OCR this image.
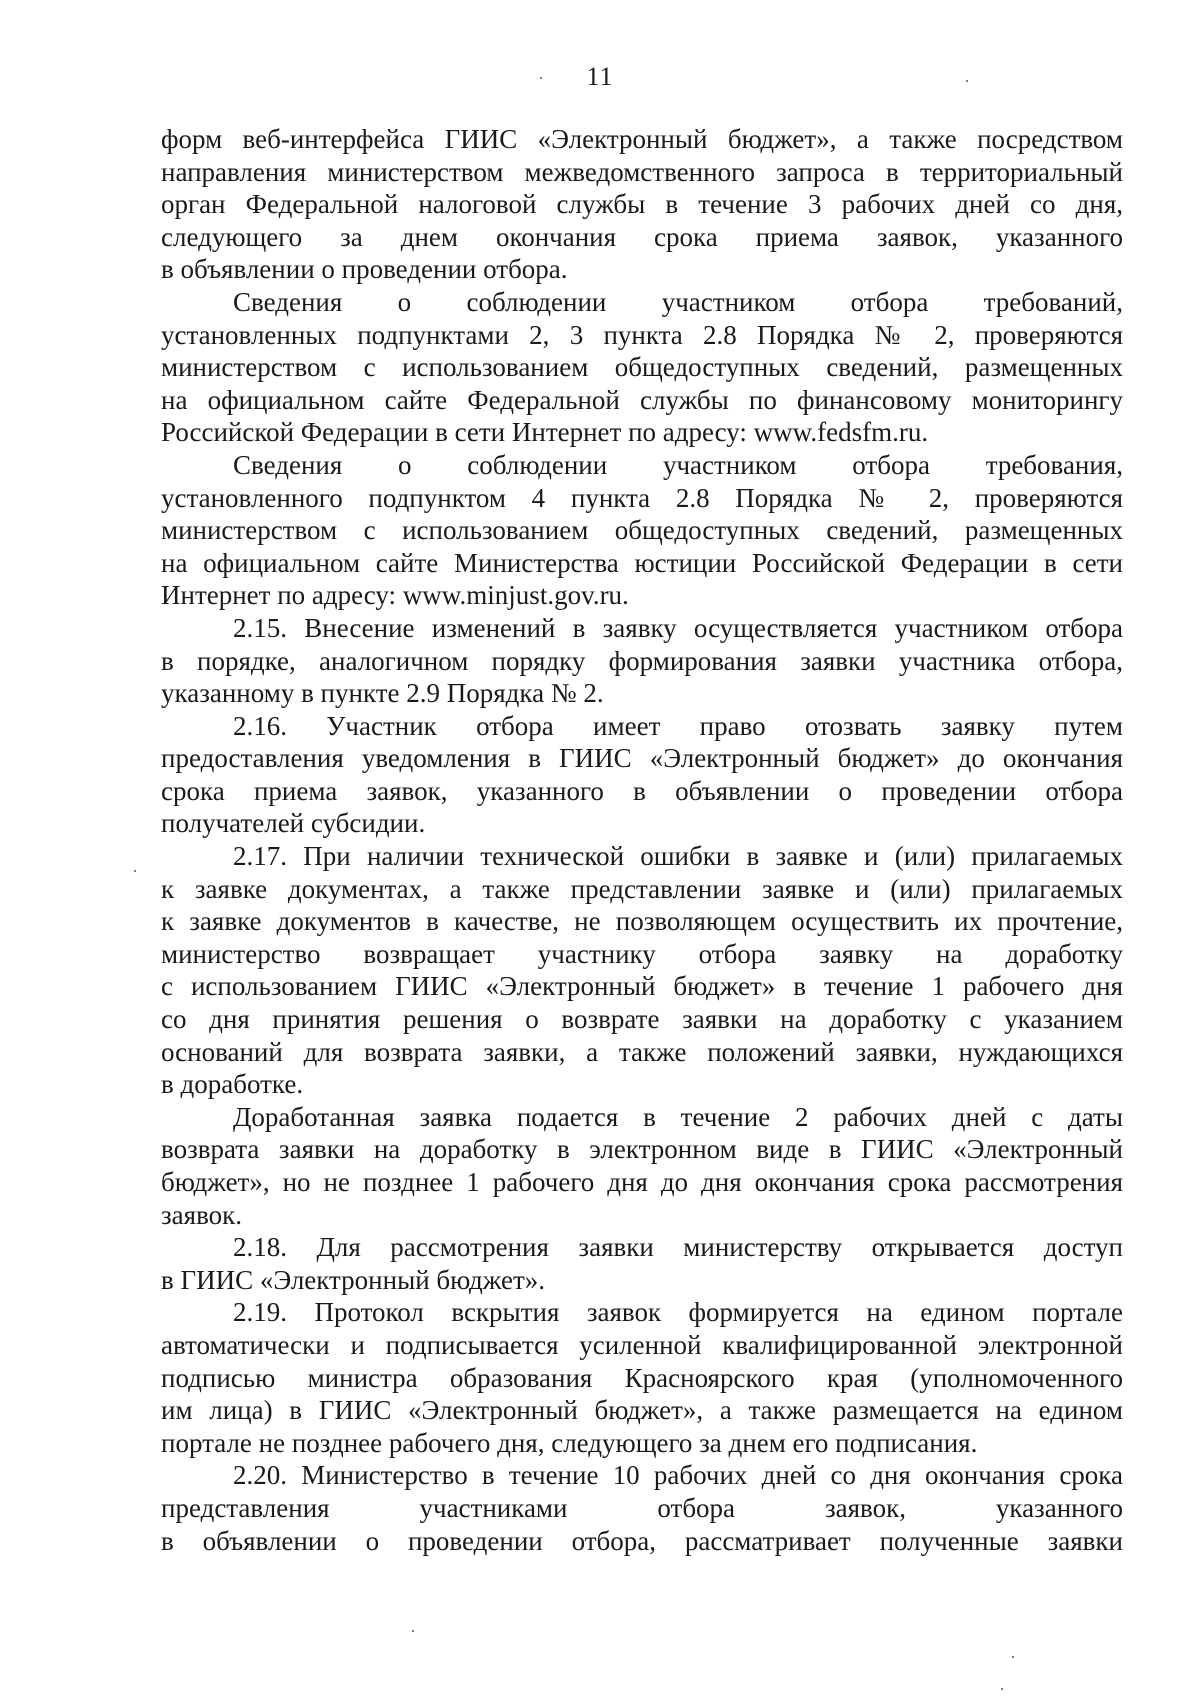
11

форм веб-интерфейса ГИИС «Электронный бюджет», а также посредством
направления министерством межведомственного запроса в территориальный
орган Федеральной налоговой службы в течение 3 рабочих дней со дня,
следующего за днем окончания срока приема заявок, указанного
в объявлении о проведении отбора.

Сведения о соблюдении участником отбора требований,
установленных подпунктами 2, 3 пункта 2.8 Порядка № 2, проверяются
министерством с использованием общедоступных сведений, размещенных
на официальном сайте Федеральной службы по финансовому мониторингу
Российской Федерации в сети Интернет по адресу: www.fedsfm.ru.

Сведения о соблюдении участником отбора требования,
установленного подпунктом 4 пункта 2.8 Порядка № 2, проверяются
министерством с использованием общедоступных сведений, размещенных
на официальном сайте Министерства юстиции Российской Федерации в сети
Интернет по адресу: www.minjust.gov.ru.

2.15. Внесение изменений в заявку осуществляется участником отбора
в порядке, аналогичном порядку формирования заявки участника отбора,
указанному в пункте 2.9 Порядка № 2.

2.16. Участник отбора имеет право отозвать заявку путем
предоставления уведомления в ГИИС «Электронный бюджет» до окончания
срока приема заявок, указанного в объявлении о проведении отбора
получателей субсидии.

2.17. При наличии технической ошибки в заявке и (или) прилагаемых
к заявке документах, а также представлении заявке и (или) прилагаемых
к заявке документов в качестве, не позволяющем осуществить их прочтение,
министерство возвращает участнику отбора заявку на доработку
с использованием ГИИС «Электронный бюджет» в течение 1 рабочего дня
со дня принятия решения о возврате заявки на доработку с указанием
оснований для возврата заявки, а также положений заявки, нуждающихся
в доработке.

Доработанная заявка подается в течение 2 рабочих дней с даты
возврата заявки на доработку в электронном виде в ГИИС «Электронный
бюджет», но не позднее 1 рабочего дня до дня окончания срока рассмотрения
заявок.

2.18. Для рассмотрения заявки министерству открывается доступ
в ГИИС «Электронный бюджет».

2.19. Протокол вскрытия заявок формируется на едином портале
автоматически и подписывается усиленной квалифицированной электронной
подписью министра образования Красноярского края (уполномоченного
им лица) в ГИИС «Электронный бюджет», а также размещается на едином
портале не позднее рабочего дня, следующего за днем его подписания.

2.20. Министерство в течение 10 рабочих дней со дня окончания срока
представления участниками отбора заявок, указанного
в объявлении о проведении отбора, рассматривает полученные заявки
